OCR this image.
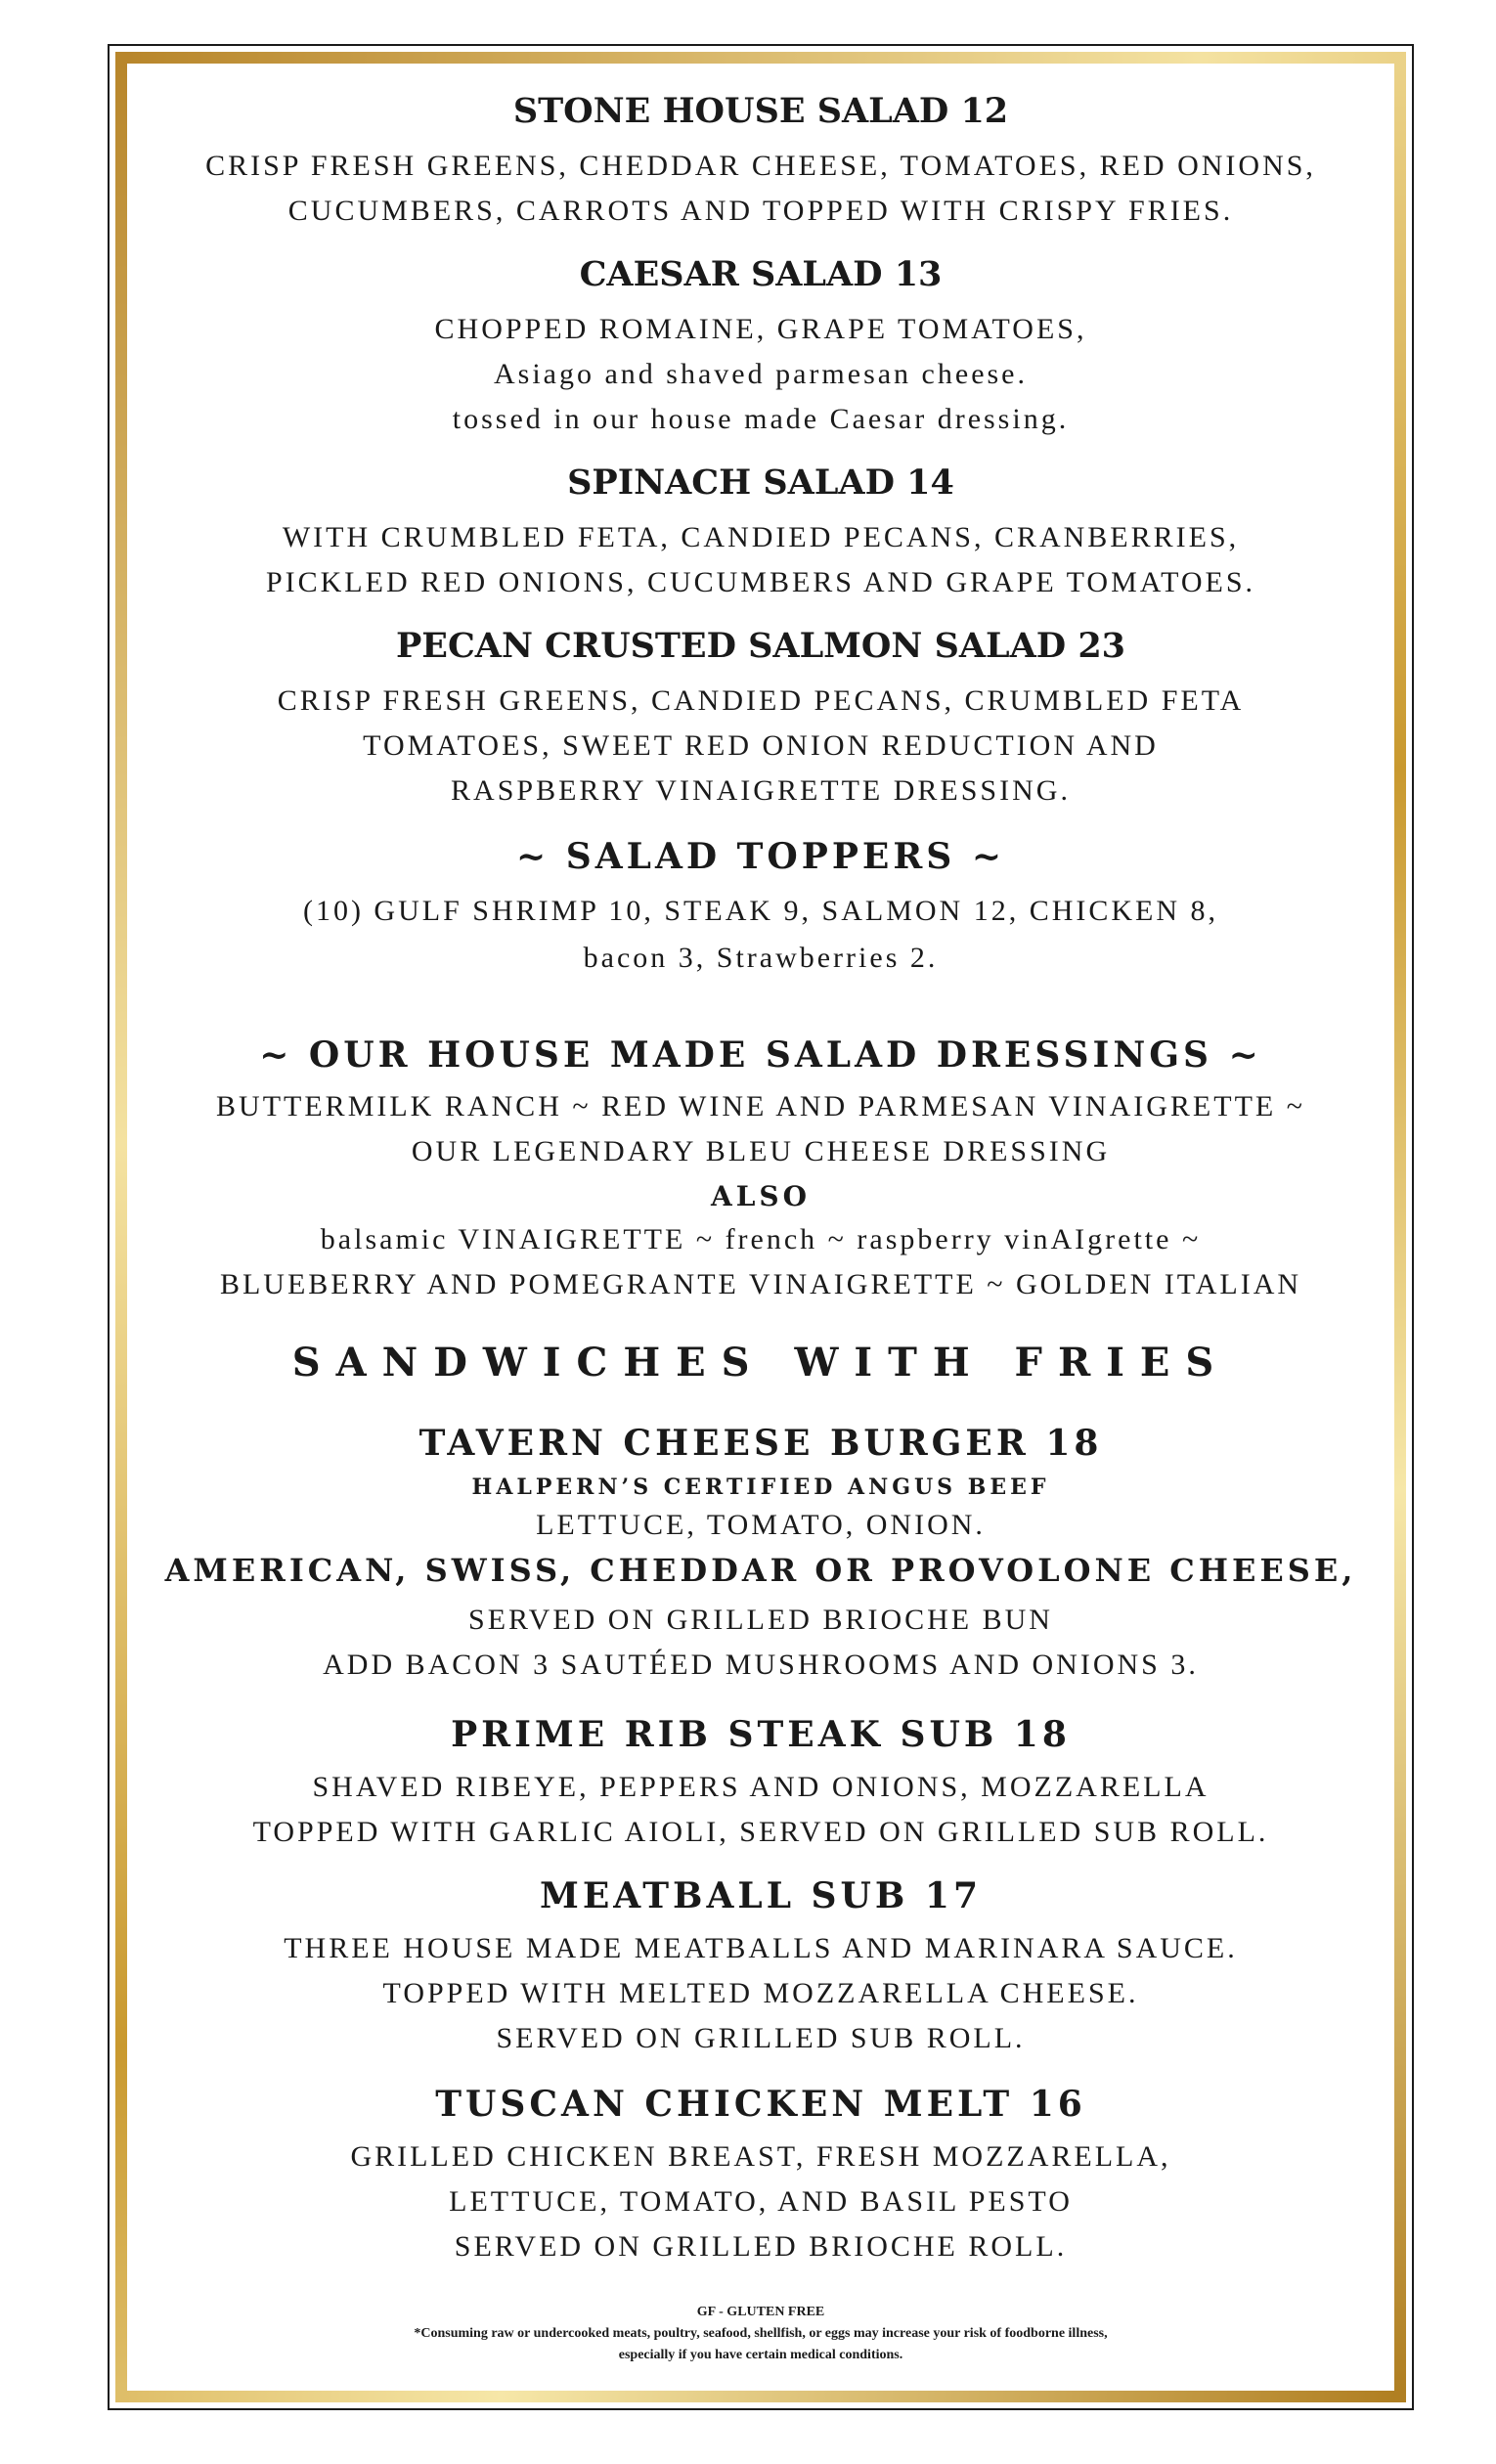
STONE HOUSE SALAD 12
CRISP FRESH GREENS, CHEDDAR CHEESE, TOMATOES, RED ONIONS,
CUCUMBERS, CARROTS AND TOPPED WITH CRISPY FRIES.
CAESAR SALAD 13
CHOPPED ROMAINE, GRAPE TOMATOES,
Asiago and shaved parmesan cheese.
tossed in our house made Caesar dressing.
SPINACH SALAD 14
WITH CRUMBLED FETA, CANDIED PECANS, CRANBERRIES,
PICKLED RED ONIONS, CUCUMBERS AND GRAPE TOMATOES.
PECAN CRUSTED SALMON SALAD 23
CRISP FRESH GREENS, CANDIED PECANS, CRUMBLED FETA
TOMATOES, SWEET RED ONION REDUCTION AND
RASPBERRY VINAIGRETTE DRESSING.
~ SALAD TOPPERS ~
(10) GULF SHRIMP 10, STEAK 9, SALMON 12, CHICKEN 8,
bacon 3, Strawberries 2.
~ OUR HOUSE MADE SALAD DRESSINGS ~
BUTTERMILK RANCH ~ RED WINE AND PARMESAN VINAIGRETTE ~
OUR LEGENDARY BLEU CHEESE DRESSING
ALSO
balsamic VINAIGRETTE ~ french ~ raspberry vinAIgrette ~
BLUEBERRY AND POMEGRANTE VINAIGRETTE ~ GOLDEN ITALIAN
SANDWICHES WITH FRIES
TAVERN CHEESE BURGER 18
HALPERN’S CERTIFIED ANGUS BEEF
LETTUCE, TOMATO, ONION.
AMERICAN, SWISS, CHEDDAR OR PROVOLONE CHEESE,
SERVED ON GRILLED BRIOCHE BUN
ADD BACON 3 SAUTÉED MUSHROOMS AND ONIONS 3.
PRIME RIB STEAK SUB 18
SHAVED RIBEYE, PEPPERS AND ONIONS, MOZZARELLA
TOPPED WITH GARLIC AIOLI, SERVED ON GRILLED SUB ROLL.
MEATBALL SUB 17
THREE HOUSE MADE MEATBALLS AND MARINARA SAUCE.
TOPPED WITH MELTED MOZZARELLA CHEESE.
SERVED ON GRILLED SUB ROLL.
TUSCAN CHICKEN MELT 16
GRILLED CHICKEN BREAST, FRESH MOZZARELLA,
LETTUCE, TOMATO, AND BASIL PESTO
SERVED ON GRILLED BRIOCHE ROLL.
GF - GLUTEN FREE
*Consuming raw or undercooked meats, poultry, seafood, shellfish, or eggs may increase your risk of foodborne illness,
especially if you have certain medical conditions.
